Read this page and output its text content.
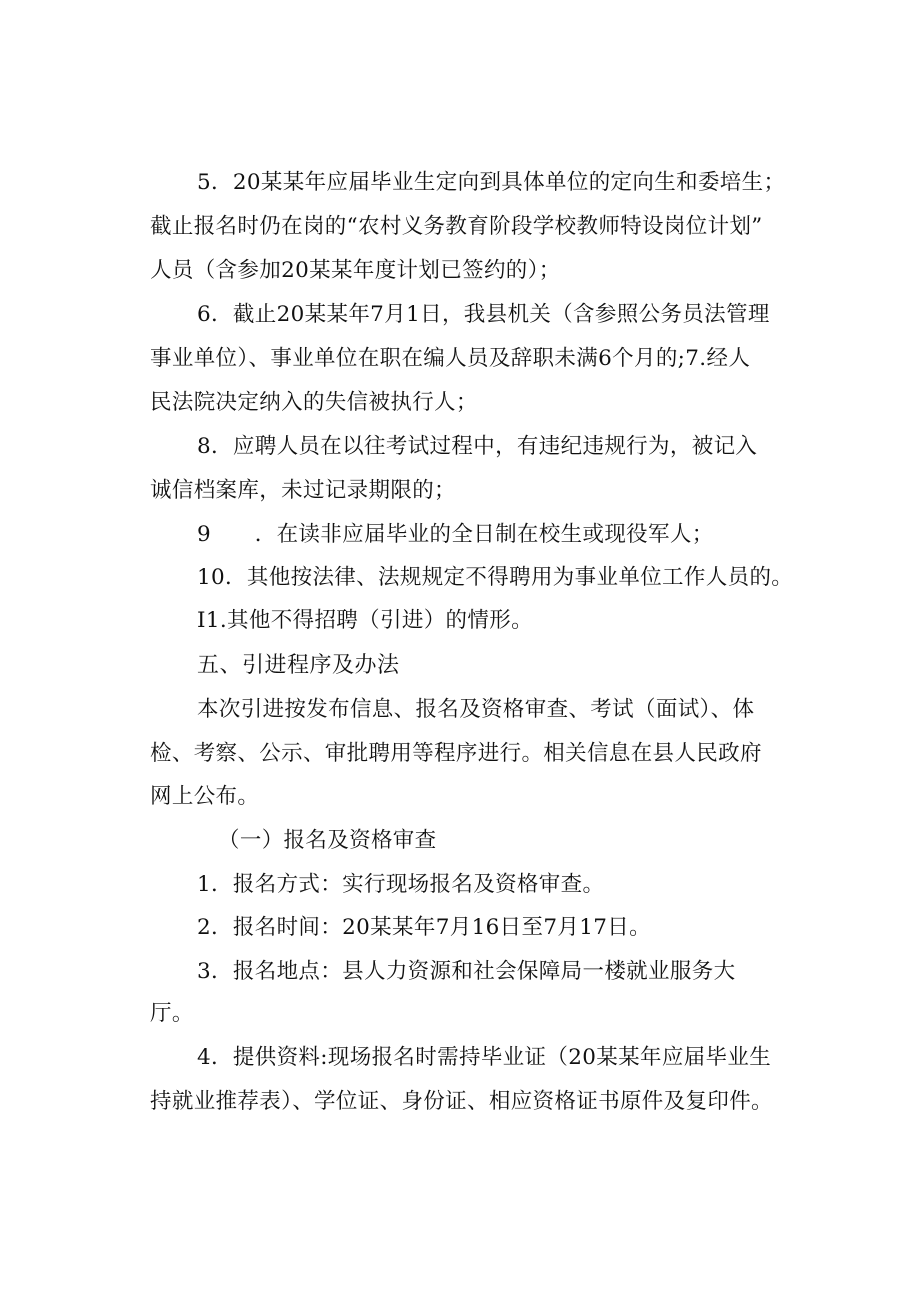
5．20某某年应届毕业生定向到具体单位的定向生和委培生；
截止报名时仍在岗的“农村义务教育阶段学校教师特设岗位计划”
人员（含参加20某某年度计划已签约的）；
6．截止20某某年7月1日，我县机关（含参照公务员法管理
事业单位）、事业单位在职在编人员及辞职未满6个月的;7.经人
民法院决定纳入的失信被执行人；
8．应聘人员在以往考试过程中，有违纪违规行为，被记入
诚信档案库，未过记录期限的；
9　　．在读非应届毕业的全日制在校生或现役军人；
10．其他按法律、法规规定不得聘用为事业单位工作人员的。
I1.其他不得招聘（引进）的情形。
五、引进程序及办法
本次引进按发布信息、报名及资格审查、考试（面试）、体
检、考察、公示、审批聘用等程序进行。相关信息在县人民政府
网上公布。
（一）报名及资格审查
1．报名方式：实行现场报名及资格审查。
2．报名时间：20某某年7月16日至7月17日。
3．报名地点：县人力资源和社会保障局一楼就业服务大
厅。
4．提供资料:现场报名时需持毕业证（20某某年应届毕业生
持就业推荐表）、学位证、身份证、相应资格证书原件及复印件。
